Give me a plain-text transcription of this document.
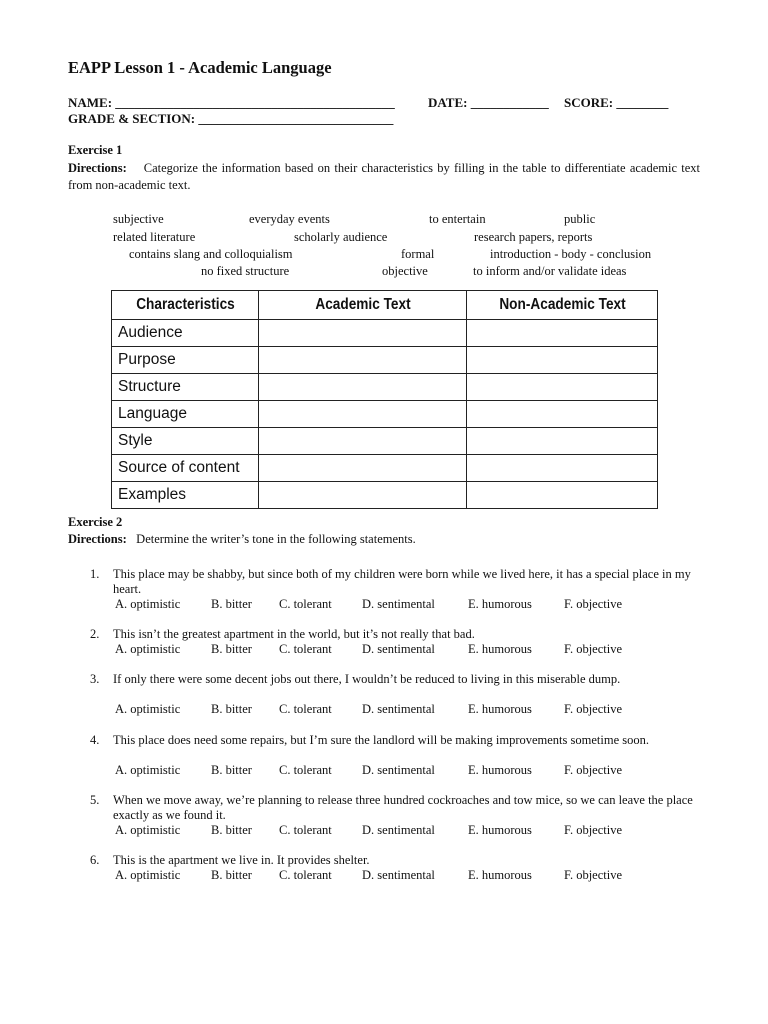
EAPP Lesson 1 - Academic Language
NAME: ___________________________________________	DATE: ____________ SCORE: ________
GRADE & SECTION: ______________________________
Exercise 1
Directions: Categorize the information based on their characteristics by filling in the table to differentiate academic text from non-academic text.
subjective	everyday events	to entertain	public
related literature	scholarly audience	research papers, reports
contains slang and colloquialism	formal	introduction - body - conclusion
no fixed structure	objective	to inform and/or validate ideas
Characteristics	Academic Text	Non-Academic Text
Audience		
Purpose		
Structure		
Language		
Style		
Source of content		
Examples		
Exercise 2
Directions: Determine the writer’s tone in the following statements.
1. This place may be shabby, but since both of my children were born while we lived here, it has a special place in my heart.
A. optimistic B. bitter C. tolerant D. sentimental	E. humorous	F. objective
2. This isn’t the greatest apartment in the world, but it’s not really that bad.
A. optimistic B. bitter C. tolerant D. sentimental	E. humorous	F. objective
3. If only there were some decent jobs out there, I wouldn’t be reduced to living in this miserable dump.
A. optimistic B. bitter C. tolerant D. sentimental	E. humorous	F. objective
4. This place does need some repairs, but I’m sure the landlord will be making improvements sometime soon.
A. optimistic B. bitter C. tolerant D. sentimental	E. humorous	F. objective
5. When we move away, we’re planning to release three hundred cockroaches and tow mice, so we can leave the place exactly as we found it.
A. optimistic B. bitter C. tolerant D. sentimental	E. humorous	F. objective
6. This is the apartment we live in. It provides shelter.
A. optimistic B. bitter C. tolerant D. sentimental	E. humorous	F. objective
